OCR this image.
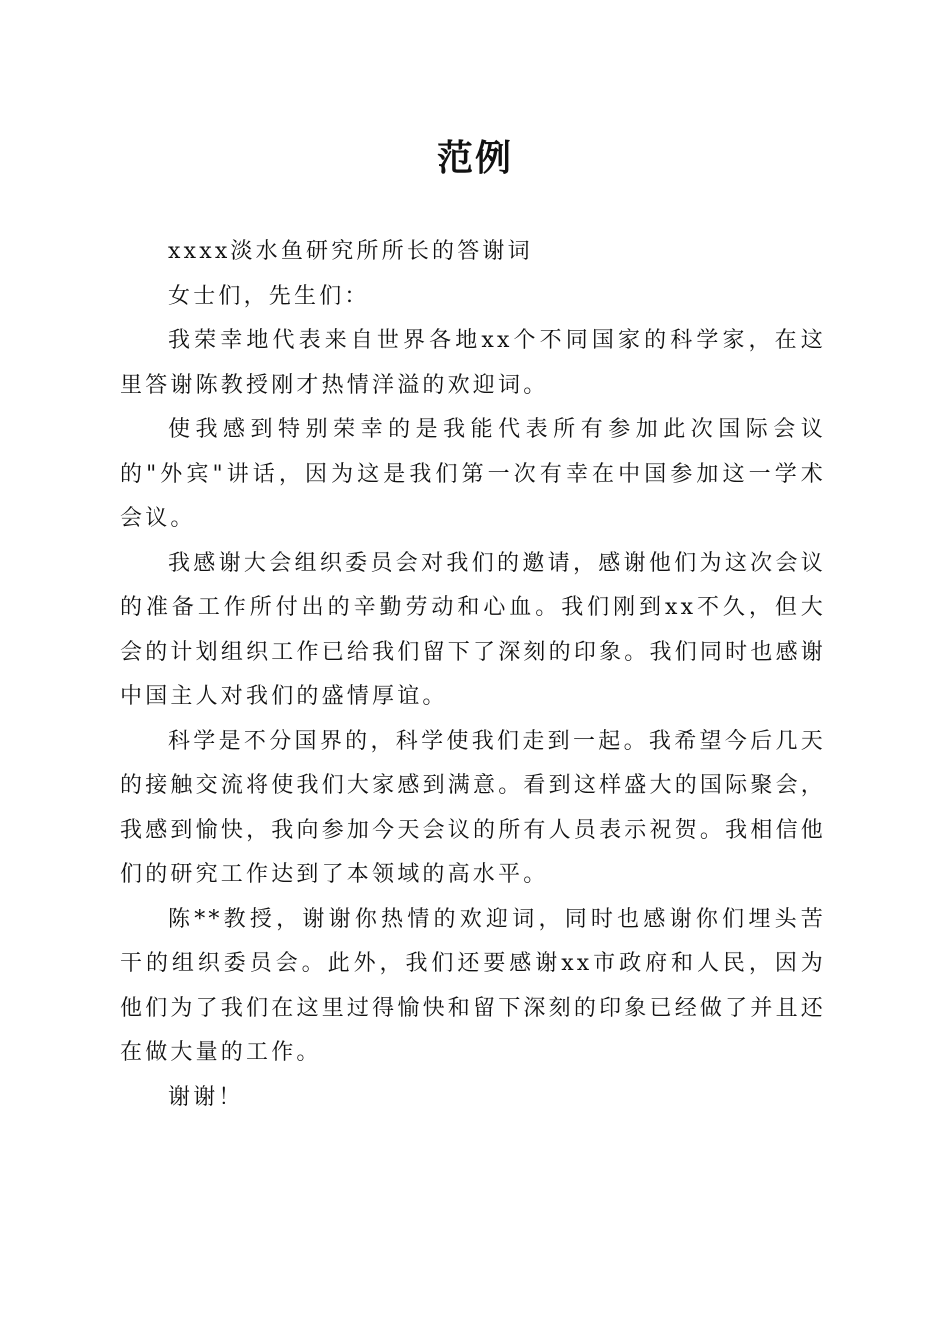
范例

xxxx淡水鱼研究所所长的答谢词

女士们，先生们：

我荣幸地代表来自世界各地xx个不同国家的科学家，在这里答谢陈教授刚才热情洋溢的欢迎词。

使我感到特别荣幸的是我能代表所有参加此次国际会议的"外宾"讲话，因为这是我们第一次有幸在中国参加这一学术会议。

我感谢大会组织委员会对我们的邀请，感谢他们为这次会议的准备工作所付出的辛勤劳动和心血。我们刚到xx不久，但大会的计划组织工作已给我们留下了深刻的印象。我们同时也感谢中国主人对我们的盛情厚谊。

科学是不分国界的，科学使我们走到一起。我希望今后几天的接触交流将使我们大家感到满意。看到这样盛大的国际聚会，我感到愉快，我向参加今天会议的所有人员表示祝贺。我相信他们的研究工作达到了本领域的高水平。

陈**教授，谢谢你热情的欢迎词，同时也感谢你们埋头苦干的组织委员会。此外，我们还要感谢xx市政府和人民，因为他们为了我们在这里过得愉快和留下深刻的印象已经做了并且还在做大量的工作。

谢谢！
